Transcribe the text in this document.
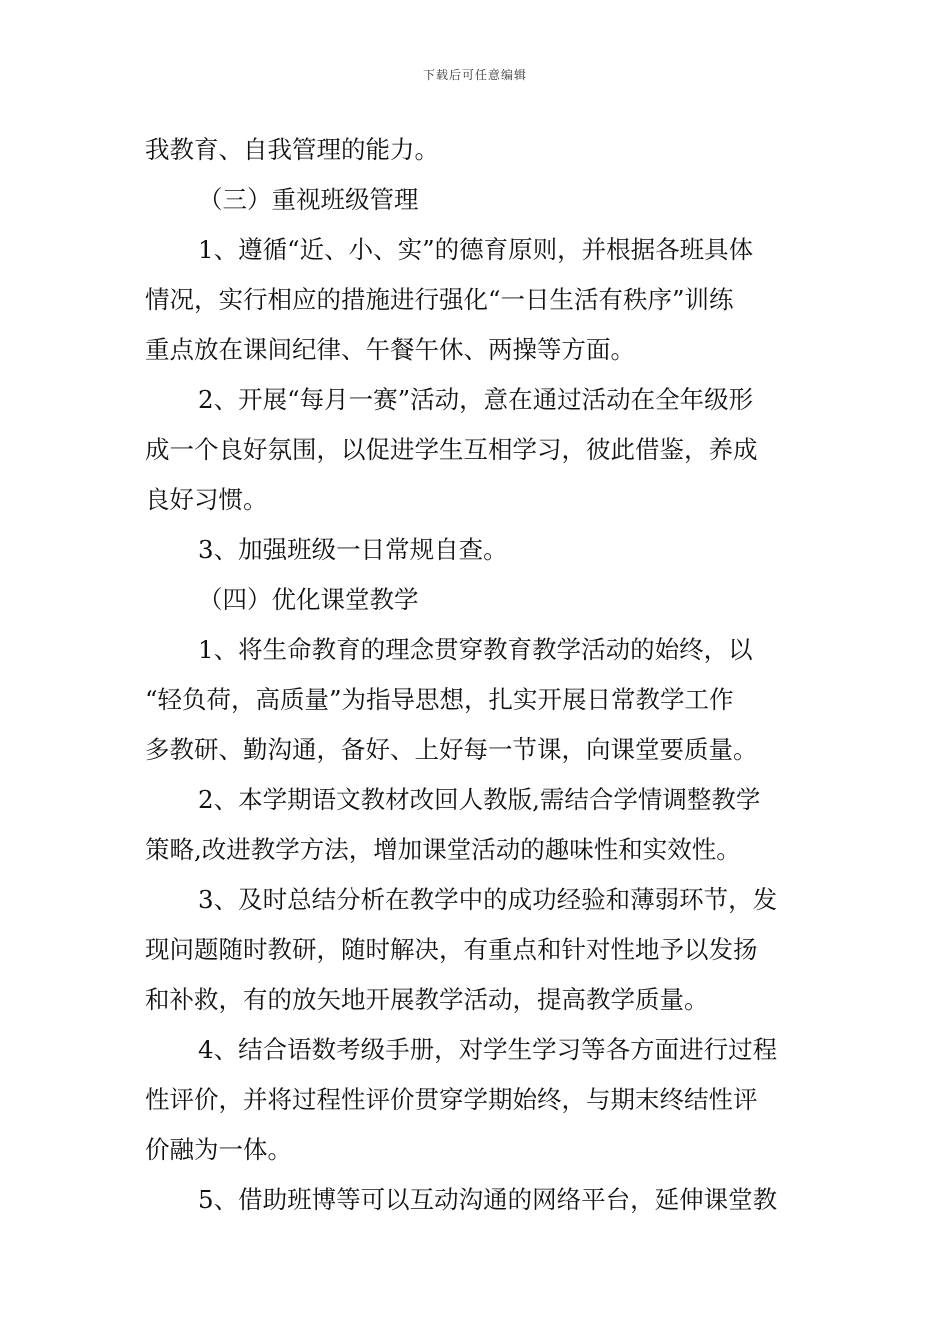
下载后可任意编辑
我教育、自我管理的能力。
（三）重视班级管理
1、遵循“近、小、实”的德育原则，并根据各班具体
情况，实行相应的措施进行强化“一日生活有秩序”训练
重点放在课间纪律、午餐午休、两操等方面。
2、开展“每月一赛”活动，意在通过活动在全年级形
成一个良好氛围，以促进学生互相学习，彼此借鉴，养成
良好习惯。
3、加强班级一日常规自查。
（四）优化课堂教学
1、将生命教育的理念贯穿教育教学活动的始终，以
“轻负荷，高质量”为指导思想，扎实开展日常教学工作
多教研、勤沟通，备好、上好每一节课，向课堂要质量。
2、本学期语文教材改回人教版,需结合学情调整教学
策略,改进教学方法，增加课堂活动的趣味性和实效性。
3、及时总结分析在教学中的成功经验和薄弱环节，发
现问题随时教研，随时解决，有重点和针对性地予以发扬
和补救，有的放矢地开展教学活动，提高教学质量。
4、结合语数考级手册，对学生学习等各方面进行过程
性评价，并将过程性评价贯穿学期始终，与期末终结性评
价融为一体。
5、借助班博等可以互动沟通的网络平台，延伸课堂教
